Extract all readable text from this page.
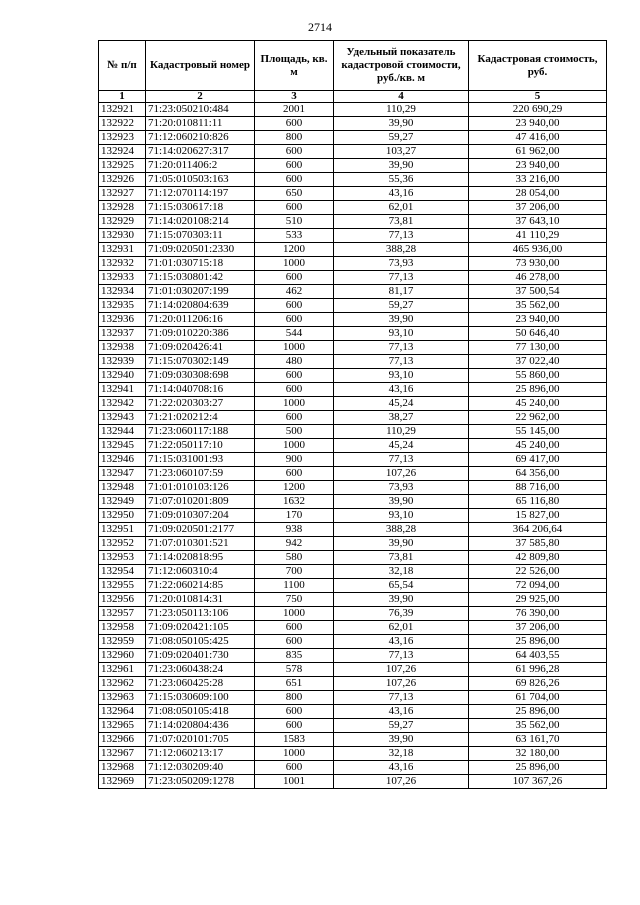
2714
№ п/п	Кадастровый номер	Площадь, кв. м	Удельный показатель кадастровой стоимости, руб./кв. м	Кадастровая стоимость, руб.
1	2	3	4	5
132921	71:23:050210:484	2001	110,29	220 690,29
132922	71:20:010811:11	600	39,90	23 940,00
132923	71:12:060210:826	800	59,27	47 416,00
132924	71:14:020627:317	600	103,27	61 962,00
132925	71:20:011406:2	600	39,90	23 940,00
132926	71:05:010503:163	600	55,36	33 216,00
132927	71:12:070114:197	650	43,16	28 054,00
132928	71:15:030617:18	600	62,01	37 206,00
132929	71:14:020108:214	510	73,81	37 643,10
132930	71:15:070303:11	533	77,13	41 110,29
132931	71:09:020501:2330	1200	388,28	465 936,00
132932	71:01:030715:18	1000	73,93	73 930,00
132933	71:15:030801:42	600	77,13	46 278,00
132934	71:01:030207:199	462	81,17	37 500,54
132935	71:14:020804:639	600	59,27	35 562,00
132936	71:20:011206:16	600	39,90	23 940,00
132937	71:09:010220:386	544	93,10	50 646,40
132938	71:09:020426:41	1000	77,13	77 130,00
132939	71:15:070302:149	480	77,13	37 022,40
132940	71:09:030308:698	600	93,10	55 860,00
132941	71:14:040708:16	600	43,16	25 896,00
132942	71:22:020303:27	1000	45,24	45 240,00
132943	71:21:020212:4	600	38,27	22 962,00
132944	71:23:060117:188	500	110,29	55 145,00
132945	71:22:050117:10	1000	45,24	45 240,00
132946	71:15:031001:93	900	77,13	69 417,00
132947	71:23:060107:59	600	107,26	64 356,00
132948	71:01:010103:126	1200	73,93	88 716,00
132949	71:07:010201:809	1632	39,90	65 116,80
132950	71:09:010307:204	170	93,10	15 827,00
132951	71:09:020501:2177	938	388,28	364 206,64
132952	71:07:010301:521	942	39,90	37 585,80
132953	71:14:020818:95	580	73,81	42 809,80
132954	71:12:060310:4	700	32,18	22 526,00
132955	71:22:060214:85	1100	65,54	72 094,00
132956	71:20:010814:31	750	39,90	29 925,00
132957	71:23:050113:106	1000	76,39	76 390,00
132958	71:09:020421:105	600	62,01	37 206,00
132959	71:08:050105:425	600	43,16	25 896,00
132960	71:09:020401:730	835	77,13	64 403,55
132961	71:23:060438:24	578	107,26	61 996,28
132962	71:23:060425:28	651	107,26	69 826,26
132963	71:15:030609:100	800	77,13	61 704,00
132964	71:08:050105:418	600	43,16	25 896,00
132965	71:14:020804:436	600	59,27	35 562,00
132966	71:07:020101:705	1583	39,90	63 161,70
132967	71:12:060213:17	1000	32,18	32 180,00
132968	71:12:030209:40	600	43,16	25 896,00
132969	71:23:050209:1278	1001	107,26	107 367,26
